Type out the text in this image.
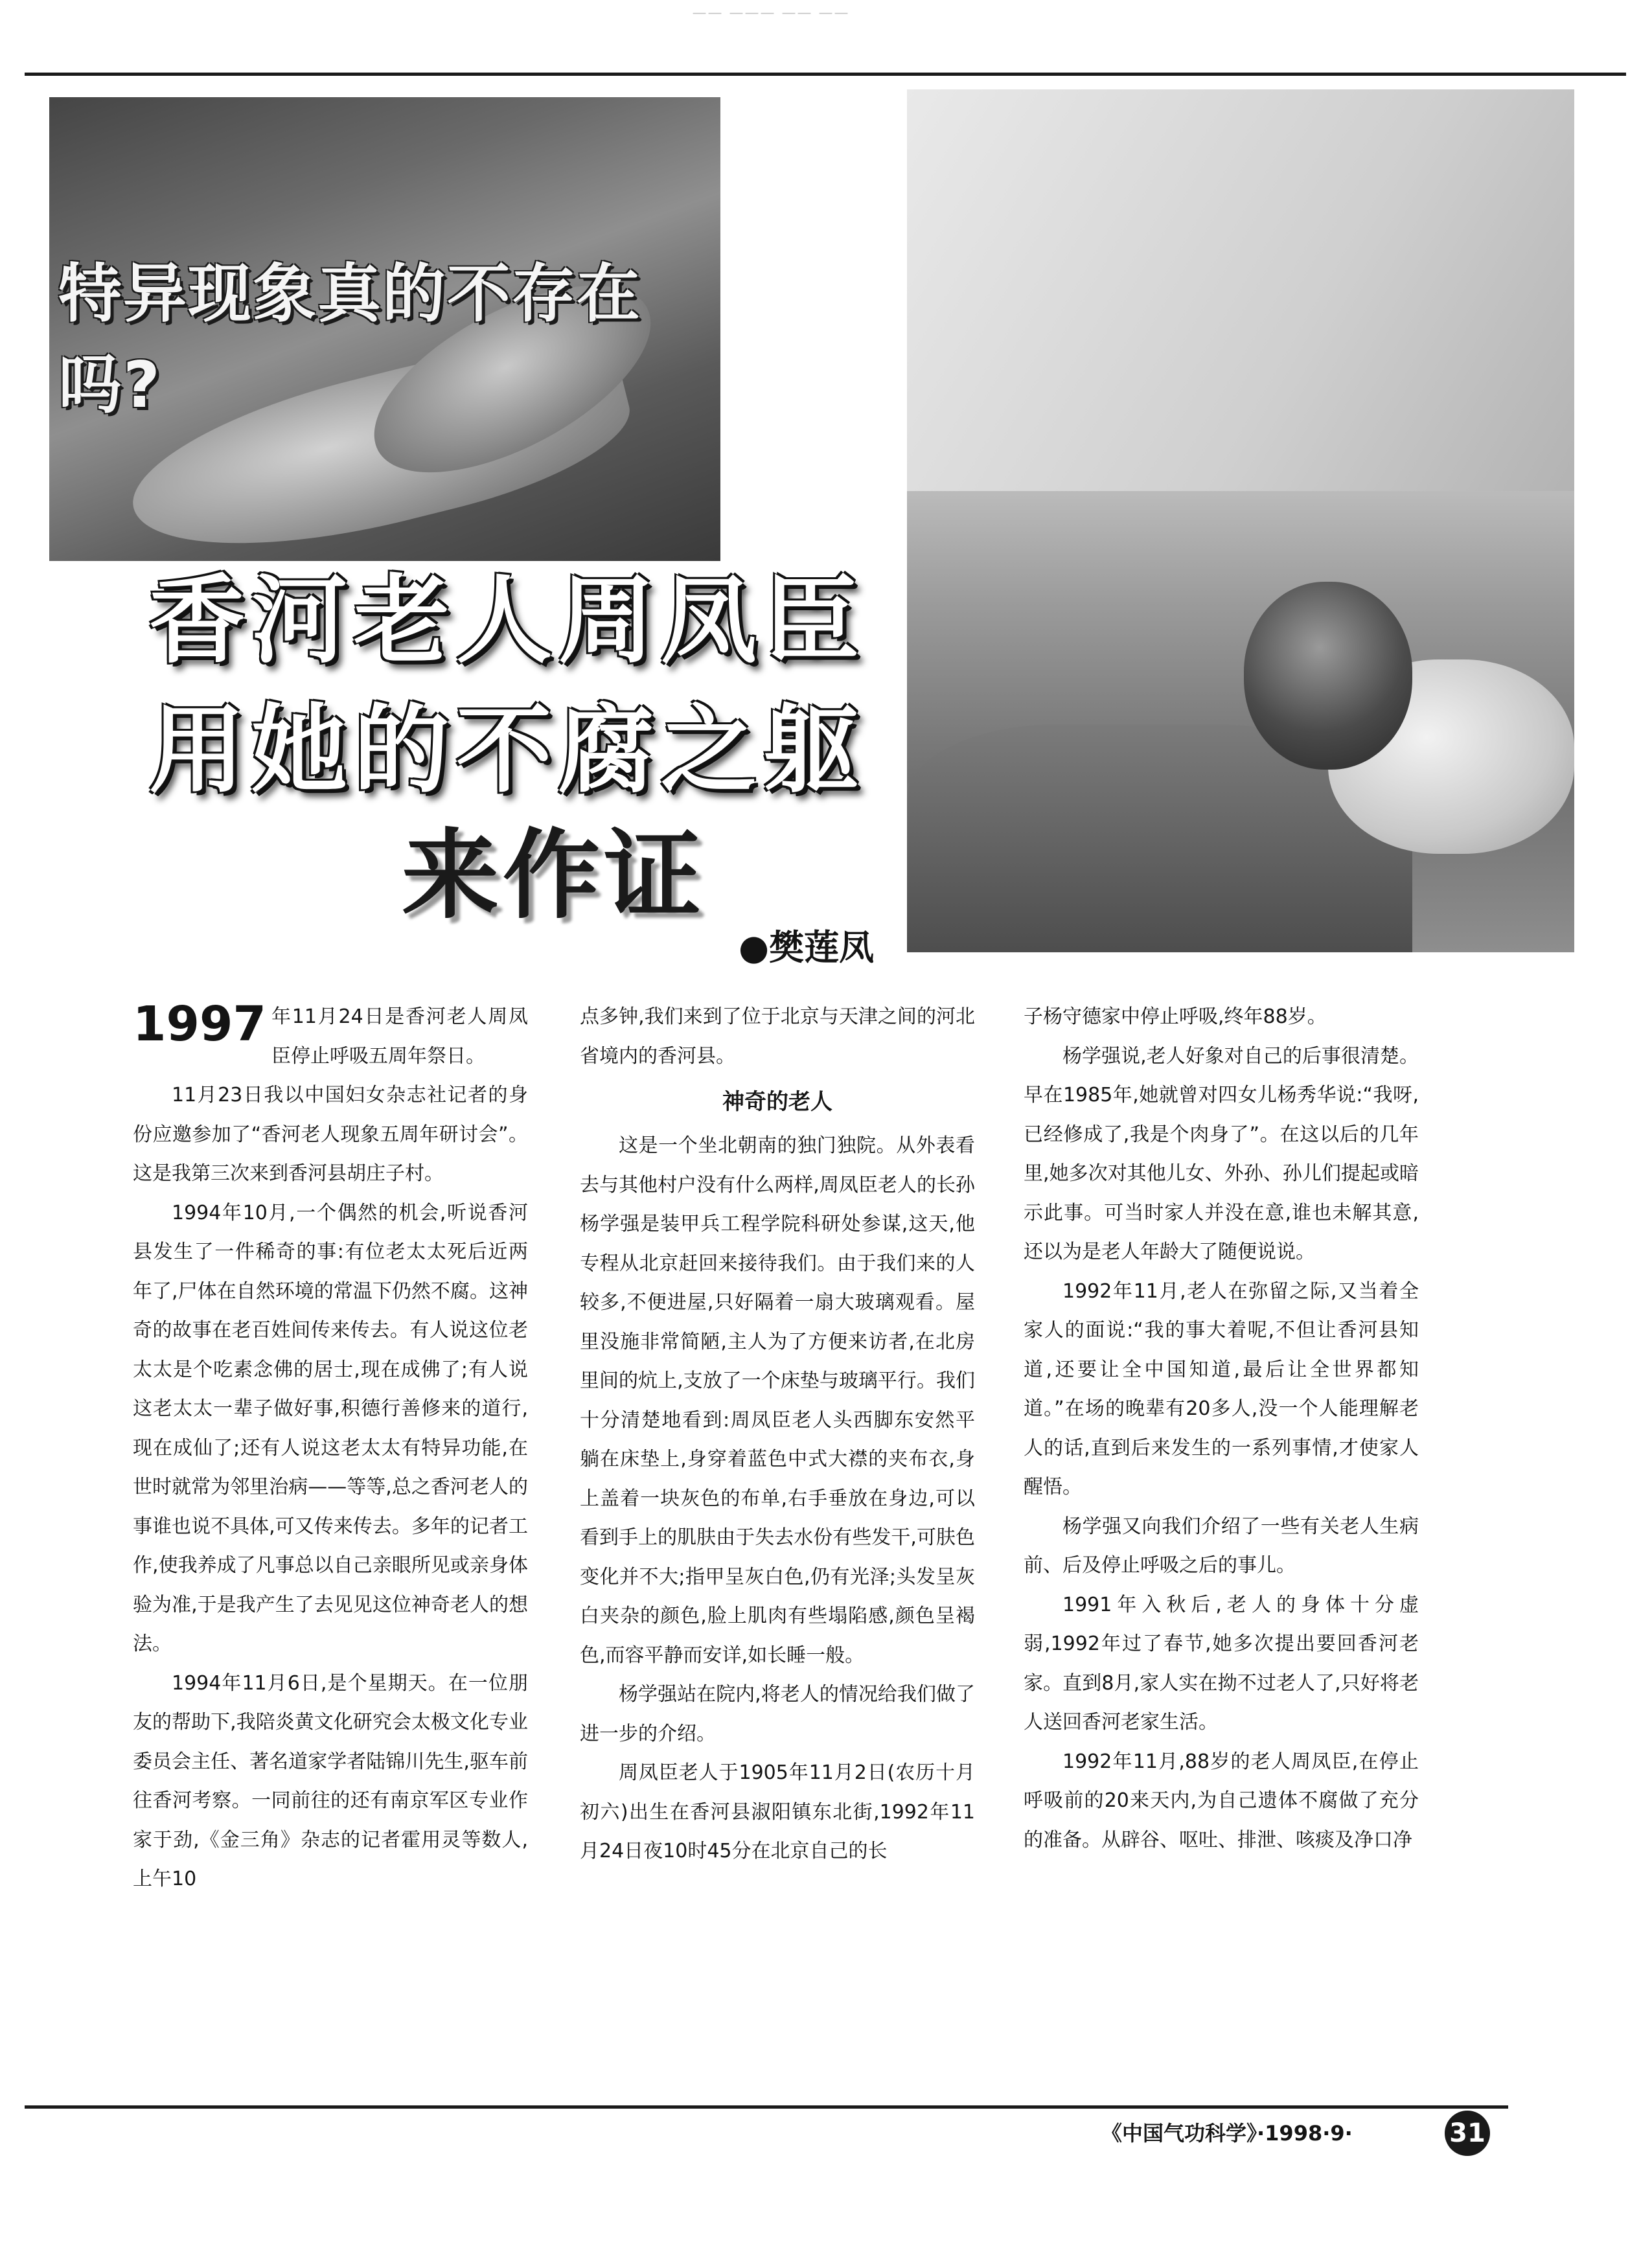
—— ——— —— ——
特异现象真的不存在吗?
香河老人周凤臣
用她的不腐之躯
来作证
●樊莲凤

1997 年11月24日是香河老人周凤臣停止呼吸五周年祭日。

11月23日我以中国妇女杂志社记者的身份应邀参加了“香河老人现象五周年研讨会”。这是我第三次来到香河县胡庄子村。

1994年10月,一个偶然的机会,听说香河县发生了一件稀奇的事:有位老太太死后近两年了,尸体在自然环境的常温下仍然不腐。这神奇的故事在老百姓间传来传去。有人说这位老太太是个吃素念佛的居士,现在成佛了;有人说这老太太一辈子做好事,积德行善修来的道行,现在成仙了;还有人说这老太太有特异功能,在世时就常为邻里治病——等等,总之香河老人的事谁也说不具体,可又传来传去。多年的记者工作,使我养成了凡事总以自己亲眼所见或亲身体验为准,于是我产生了去见见这位神奇老人的想法。

1994年11月6日,是个星期天。在一位朋友的帮助下,我陪炎黄文化研究会太极文化专业委员会主任、著名道家学者陆锦川先生,驱车前往香河考察。一同前往的还有南京军区专业作家于劲,《金三角》杂志的记者霍用灵等数人,上午10

点多钟,我们来到了位于北京与天津之间的河北省境内的香河县。

神奇的老人

这是一个坐北朝南的独门独院。从外表看去与其他村户没有什么两样,周凤臣老人的长孙杨学强是装甲兵工程学院科研处参谋,这天,他专程从北京赶回来接待我们。由于我们来的人较多,不便进屋,只好隔着一扇大玻璃观看。屋里没施非常简陋,主人为了方便来访者,在北房里间的炕上,支放了一个床垫与玻璃平行。我们十分清楚地看到:周凤臣老人头西脚东安然平躺在床垫上,身穿着蓝色中式大襟的夹布衣,身上盖着一块灰色的布单,右手垂放在身边,可以看到手上的肌肤由于失去水份有些发干,可肤色变化并不大;指甲呈灰白色,仍有光泽;头发呈灰白夹杂的颜色,脸上肌肉有些塌陷感,颜色呈褐色,而容平静而安详,如长睡一般。

杨学强站在院内,将老人的情况给我们做了进一步的介绍。

周凤臣老人于1905年11月2日(农历十月初六)出生在香河县淑阳镇东北街,1992年11月24日夜10时45分在北京自己的长

子杨守德家中停止呼吸,终年88岁。

杨学强说,老人好象对自己的后事很清楚。早在1985年,她就曾对四女儿杨秀华说:“我呀,已经修成了,我是个肉身了”。在这以后的几年里,她多次对其他儿女、外孙、孙儿们提起或暗示此事。可当时家人并没在意,谁也未解其意,还以为是老人年龄大了随便说说。

1992年11月,老人在弥留之际,又当着全家人的面说:“我的事大着呢,不但让香河县知道,还要让全中国知道,最后让全世界都知道。”在场的晚辈有20多人,没一个人能理解老人的话,直到后来发生的一系列事情,才使家人醒悟。

杨学强又向我们介绍了一些有关老人生病前、后及停止呼吸之后的事儿。

1991年入秋后,老人的身体十分虚弱,1992年过了春节,她多次提出要回香河老家。直到8月,家人实在拗不过老人了,只好将老人送回香河老家生活。

1992年11月,88岁的老人周凤臣,在停止呼吸前的20来天内,为自己遗体不腐做了充分的准备。从辟谷、呕吐、排泄、咳痰及净口净

《中国气功科学》·1998·9·	31
